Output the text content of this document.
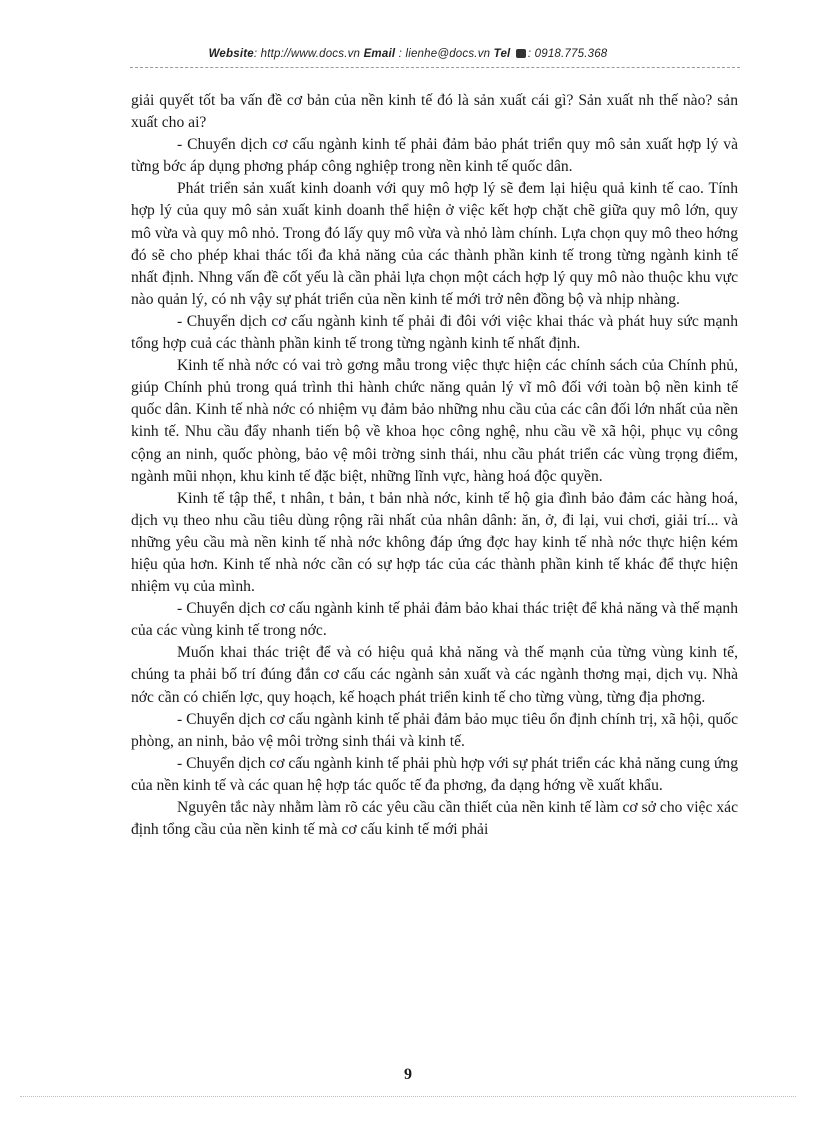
Website: http://www.docs.vn Email : lienhe@docs.vn Tel : 0918.775.368

giải quyết tốt ba vấn đề cơ bản của nền kinh tế đó là sản xuất cái gì? Sản xuất nh thế nào? sản xuất cho ai?

- Chuyển dịch cơ cấu ngành kinh tế phải đảm bảo phát triển quy mô sản xuất hợp lý và từng bớc áp dụng phơng pháp công nghiệp trong nền kinh tế quốc dân.

Phát triển sản xuất kinh doanh với quy mô hợp lý sẽ đem lại hiệu quả kinh tế cao. Tính hợp lý của quy mô sản xuất kinh doanh thể hiện ở việc kết hợp chặt chẽ giữa quy mô lớn, quy mô vừa và quy mô nhỏ. Trong đó lấy quy mô vừa và nhỏ làm chính. Lựa chọn quy mô theo hớng đó sẽ cho phép khai thác tối đa khả năng của các thành phần kinh tế trong từng ngành kinh tế nhất định. Nhng vấn đề cốt yếu là cần phải lựa chọn một cách hợp lý quy mô nào thuộc khu vực nào quản lý, có nh vậy sự phát triển của nền kinh tế mới trở nên đồng bộ và nhịp nhàng.

- Chuyển dịch cơ cấu ngành kinh tế phải đi đôi với việc khai thác và phát huy sức mạnh tổng hợp cuả các thành phần kinh tế trong từng ngành kinh tế nhất định.

Kinh tế nhà nớc có vai trò gơng mẫu trong việc thực hiện các chính sách của Chính phủ, giúp Chính phủ trong quá trình thi hành chức năng quản lý vĩ mô đối với toàn bộ nền kinh tế quốc dân. Kinh tế nhà nớc có nhiệm vụ đảm bảo những nhu cầu của các cân đối lớn nhất của nền kinh tế. Nhu cầu đẩy nhanh tiến bộ về khoa học công nghệ, nhu cầu về xã hội, phục vụ công cộng an ninh, quốc phòng, bảo vệ môi trờng sinh thái, nhu cầu phát triển các vùng trọng điểm, ngành mũi nhọn, khu kinh tế đặc biệt, những lĩnh vực, hàng hoá độc quyền.

Kinh tế tập thể, t nhân, t bản, t bản nhà nớc, kinh tế hộ gia đình bảo đảm các hàng hoá, dịch vụ theo nhu cầu tiêu dùng rộng rãi nhất của nhân dânh: ăn, ở, đi lại, vui chơi, giải trí... và những yêu cầu mà nền kinh tế nhà nớc không đáp ứng đợc hay kinh tế nhà nớc thực hiện kém hiệu qủa hơn. Kinh tế nhà nớc cần có sự hợp tác của các thành phần kinh tế khác để thực hiện nhiệm vụ của mình.

- Chuyển dịch cơ cấu ngành kinh tế phải đảm bảo khai thác triệt để khả năng và thế mạnh của các vùng kinh tế trong nớc.

Muốn khai thác triệt để và có hiệu quả khả năng và thế mạnh của từng vùng kinh tế, chúng ta phải bố trí đúng đắn cơ cấu các ngành sản xuất và các ngành thơng mại, dịch vụ. Nhà nớc cần có chiến lợc, quy hoạch, kế hoạch phát triển kinh tế cho từng vùng, từng địa phơng.

- Chuyển dịch cơ cấu ngành kinh tế phải đảm bảo mục tiêu ổn định chính trị, xã hội, quốc phòng, an ninh, bảo vệ môi trờng sinh thái và kinh tế.

- Chuyển dịch cơ cấu ngành kinh tế phải phù hợp với sự phát triển các khả năng cung ứng của nền kinh tế và các quan hệ hợp tác quốc tế đa phơng, đa dạng hớng về xuất khẩu.

Nguyên tắc này nhằm làm rõ các yêu cầu cần thiết của nền kinh tế làm cơ sở cho việc xác định tổng cầu của nền kinh tế mà cơ cấu kinh tế mới phải

9
